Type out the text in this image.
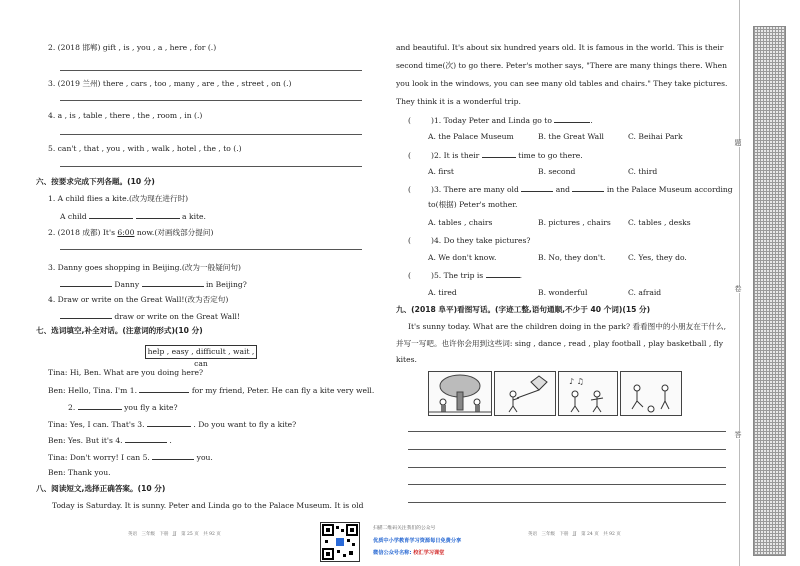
2. (2018 邯郸) gift , is , you , a , here , for (.)
3. (2019 兰州) there , cars , too , many , are , the , street , on (.)
4. a , is , table , there , the , room , in (.)
5. can't , that , you , with , walk , hotel , the , to (.)
六、按要求完成下列各题。(10 分)
1. A child flies a kite.(改为现在进行时)
A child	a kite.
2. (2018 成都) It's 6:00 now.(对画线部分提问)
3. Danny goes shopping in Beijing.(改为一般疑问句)
Danny	in Beijing?
4. Draw or write on the Great Wall!(改为否定句)
draw or write on the Great Wall!
七、选词填空,补全对话。(注意词的形式)(10 分)
help , easy , difficult , wait , can
Tina: Hi, Ben. What are you doing here?
Ben: Hello, Tina. I'm 1.	for my friend, Peter. He can fly a kite very well.
2.	you fly a kite?
Tina: Yes, I can. That's 3.	. Do you want to fly a kite?
Ben: Yes. But it's 4.	.
Tina: Don't worry! I can 5.	you.
Ben: Thank you.
八、阅读短文,选择正确答案。(10 分)
Today is Saturday. It is sunny. Peter and Linda go to the Palace Museum. It is old
英语　三年级　下册　JJ　第 25 页　共 92 页
扫描二维码关注我们的公众号
优质中小学教育学习资源每日免费分享
微信公众号名称: 校汇学习课堂
and beautiful. It's about six hundred years old. It is famous in the world. This is their
second time(次) to go there. Peter's mother says, "There are many things there. When
you look in the windows, you can see many old tables and chairs." They take pictures.
They think it is a wonderful trip.
( 　　 )1. Today Peter and Linda go to	.
A. the Palace Museum	B. the Great Wall	C. Beihai Park
( 　　 )2. It is their	time to go there.
A. first	B. second	C. third
( 　　 )3. There are many old	and	in the Palace Museum according
to(根据) Peter's mother.
A. tables , chairs	B. pictures , chairs C. tables , desks
( 　　 )4. Do they take pictures?
A. We don't know.	B. No, they don't.	C. Yes, they do.
( 　　 )5. The trip is	.
A. tired	B. wonderful	C. afraid
九、(2018 阜平)看图写话。(字迹工整,语句通顺,不少于 40 个词)(15 分)
It's sunny today. What are the children doing in the park? 看看图中的小朋友在干什么,
并写一写吧。也许你会用到这些词: sing , dance , read , play football , play basketball , fly
kites.
♪ ♫
英语　三年级　下册　JJ　第 24 页　共 92 页
题
卷
答
